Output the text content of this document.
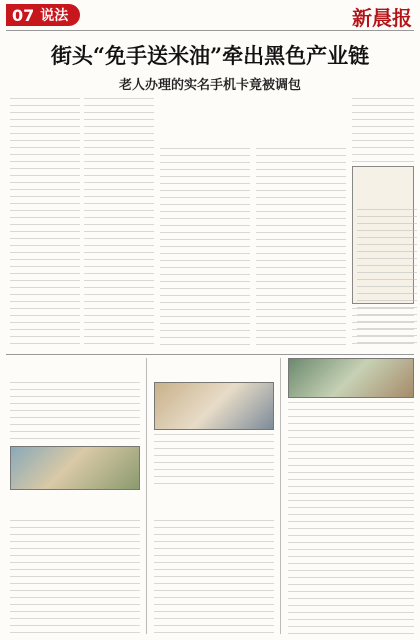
07 说法	新晨报
街头“免手送米油”牵出黑色产业链
老人办理的实名手机卡竟被调包
